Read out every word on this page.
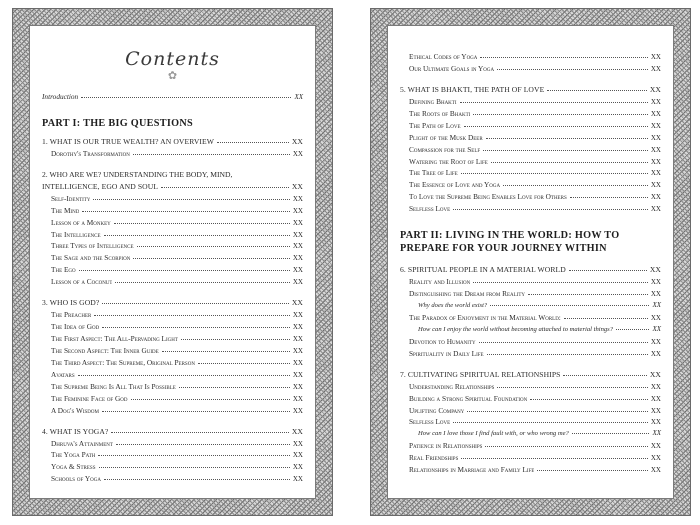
Contents
✿
Introduction	XX
PART I: THE BIG QUESTIONS
1. WHAT IS OUR TRUE WEALTH? AN OVERVIEW	XX
Dorothy's Transformation	XX
2. WHO ARE WE? UNDERSTANDING THE BODY, MIND,
INTELLIGENCE, EGO AND SOUL	XX
Self-Identity	XX
The Mind	XX
Lesson of a Monkey	XX
The Intelligence	XX
Three Types of Intelligence	XX
The Sage and the Scorpion	XX
The Ego	XX
Lesson of a Coconut	XX
3. WHO IS GOD?	XX
The Preacher	XX
The Idea of God	XX
The First Aspect: The All-Pervading Light	XX
The Second Aspect: The Inner Guide	XX
The Third Aspect: The Supreme, Original Person	XX
Avatars	XX
The Supreme Being Is All That Is Possible	XX
The Feminine Face of God	XX
A Dog's Wisdom	XX
4. WHAT IS YOGA?	XX
Dhruva's Attainment	XX
The Yoga Path	XX
Yoga & Stress	XX
Schools of Yoga	XX
Ethical Codes of Yoga	XX
Our Ultimate Goals in Yoga	XX
5. WHAT IS BHAKTI, THE PATH OF LOVE	XX
Defining Bhakti	XX
The Roots of Bhakti	XX
The Path of Love	XX
Plight of the Musk Deer	XX
Compassion for the Self	XX
Watering the Root of Life	XX
The Tree of Life	XX
The Essence of Love and Yoga	XX
To Love the Supreme Being Enables Love for Others	XX
Selfless Love	XX
PART II: LIVING IN THE WORLD: HOW TO
PREPARE FOR YOUR JOURNEY WITHIN
6. SPIRITUAL PEOPLE IN A MATERIAL WORLD	XX
Reality and Illusion	XX
Distinguishing the Dream from Reality	XX
Why does the world exist?	XX
The Paradox of Enjoyment in the Material World:	XX
How can I enjoy the world without becoming attached to material things?	XX
Devotion to Humanity	XX
Spirituality in Daily Life	XX
7. CULTIVATING SPIRITUAL RELATIONSHIPS	XX
Understanding Relationships	XX
Building a Strong Spiritual Foundation	XX
Uplifting Company	XX
Selfless Love	XX
How can I love those I find fault with, or who wrong me?	XX
Patience in Relationships	XX
Real Friendships	XX
Relationships in Marriage and Family Life	XX
